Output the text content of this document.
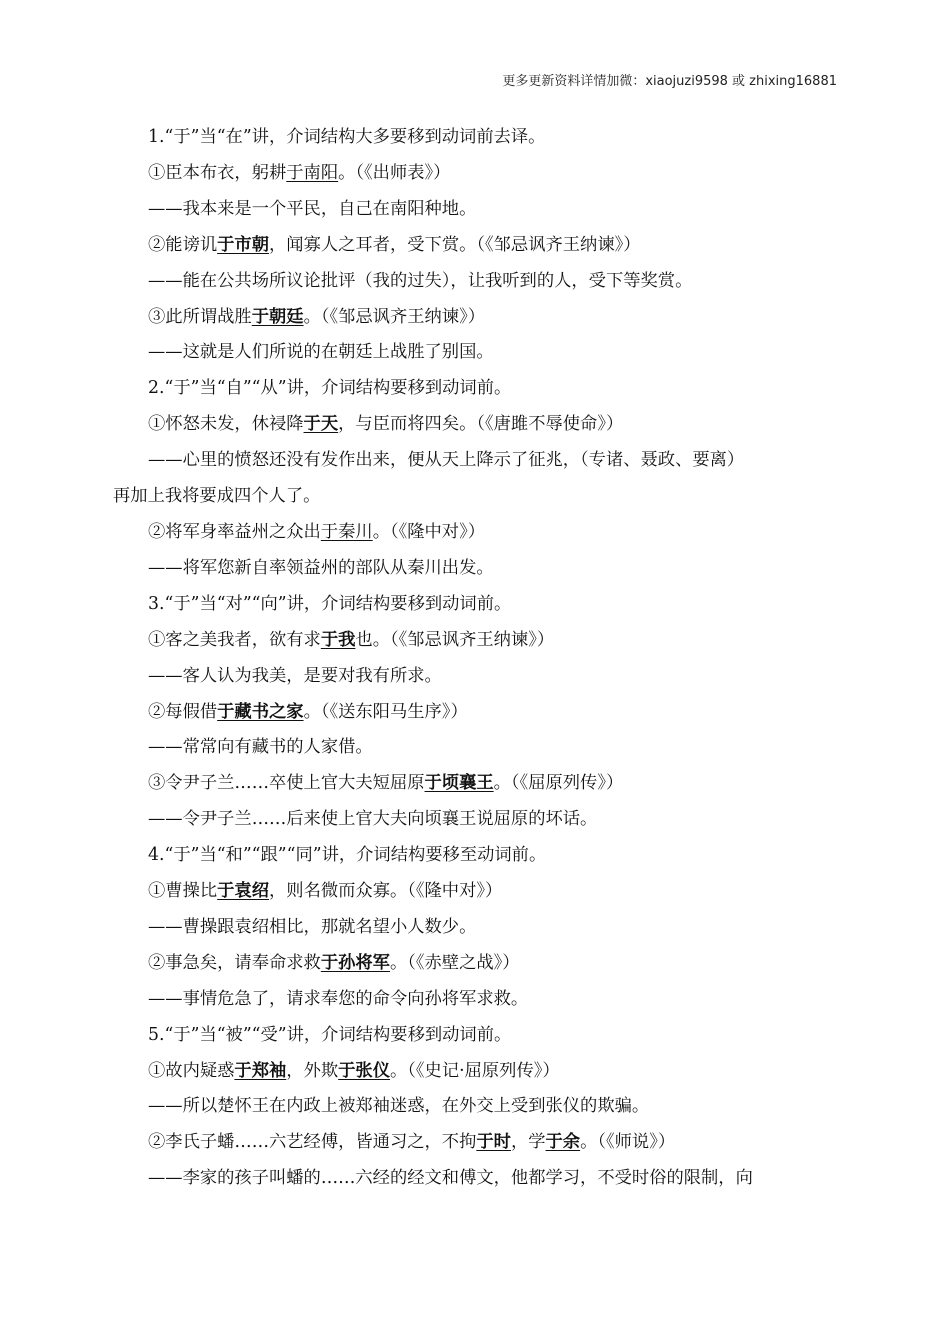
更多更新资料详情加微：xiaojuzi9598 或 zhixing16881
1.“于”当“在”讲，介词结构大多要移到动词前去译。
①臣本布衣，躬耕于南阳。（《出师表》）
——我本来是一个平民，自己在南阳种地。
②能谤讥于市朝，闻寡人之耳者，受下赏。（《邹忌讽齐王纳谏》）
——能在公共场所议论批评（我的过失），让我听到的人，受下等奖赏。
③此所谓战胜于朝廷。（《邹忌讽齐王纳谏》）
——这就是人们所说的在朝廷上战胜了别国。
2.“于”当“自”“从”讲，介词结构要移到动词前。
①怀怒未发，休祲降于天，与臣而将四矣。（《唐雎不辱使命》）
——心里的愤怒还没有发作出来，便从天上降示了征兆，（专诸、聂政、要离）
再加上我将要成四个人了。
②将军身率益州之众出于秦川。（《隆中对》）
——将军您新自率领益州的部队从秦川出发。
3.“于”当“对”“向”讲，介词结构要移到动词前。
①客之美我者，欲有求于我也。（《邹忌讽齐王纳谏》）
——客人认为我美，是要对我有所求。
②每假借于藏书之家。（《送东阳马生序》）
——常常向有藏书的人家借。
③令尹子兰……卒使上官大夫短屈原于顷襄王。（《屈原列传》）
——令尹子兰……后来使上官大夫向顷襄王说屈原的坏话。
4.“于”当“和”“跟”“同”讲，介词结构要移至动词前。
①曹操比于袁绍，则名微而众寡。（《隆中对》）
——曹操跟袁绍相比，那就名望小人数少。
②事急矣，请奉命求救于孙将军。（《赤壁之战》）
——事情危急了，请求奉您的命令向孙将军求救。
5.“于”当“被”“受”讲，介词结构要移到动词前。
①故内疑惑于郑袖，外欺于张仪。（《史记·屈原列传》）
——所以楚怀王在内政上被郑袖迷惑，在外交上受到张仪的欺骗。
②李氏子蟠……六艺经傅，皆通习之，不拘于时，学于余。（《师说》）
——李家的孩子叫蟠的……六经的经文和傅文，他都学习，不受时俗的限制，向
